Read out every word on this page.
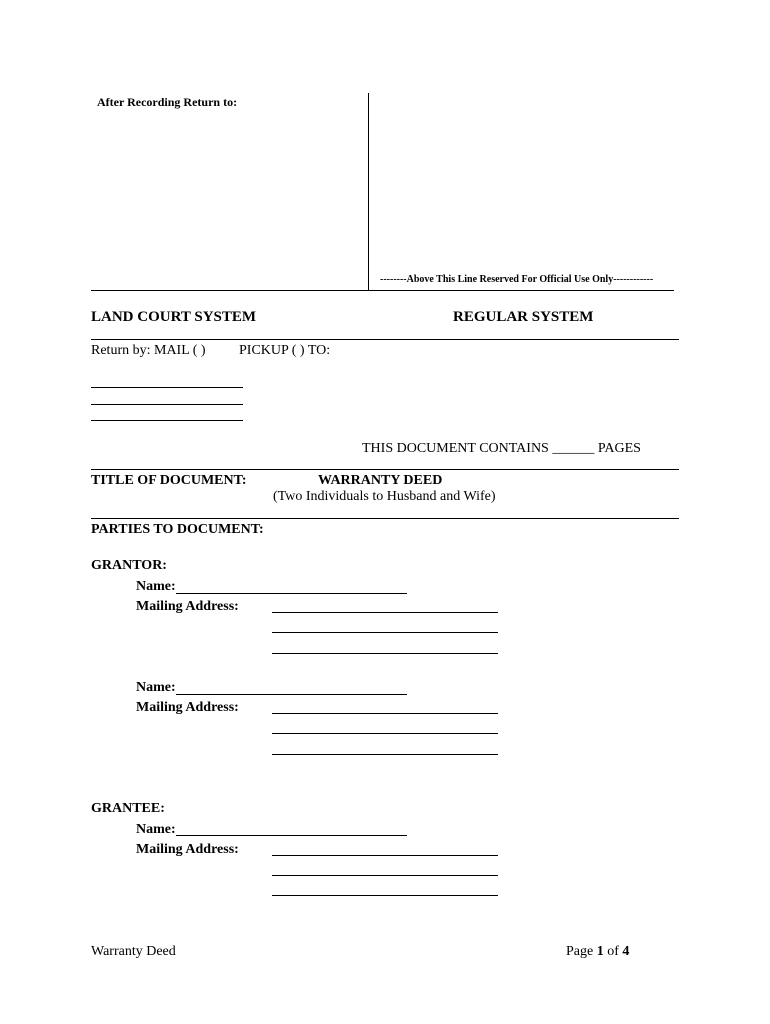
After Recording Return to:
--------Above This Line Reserved For Official Use Only------------
LAND COURT SYSTEM	REGULAR SYSTEM
Return by: MAIL ( ) PICKUP ( ) TO:
THIS DOCUMENT CONTAINS ______ PAGES
TITLE OF DOCUMENT:	WARRANTY DEED
(Two Individuals to Husband and Wife)
PARTIES TO DOCUMENT:
GRANTOR:
Name:
Mailing Address:
Name:
Mailing Address:
GRANTEE:
Name:
Mailing Address:
Warranty Deed	Page 1 of 4
